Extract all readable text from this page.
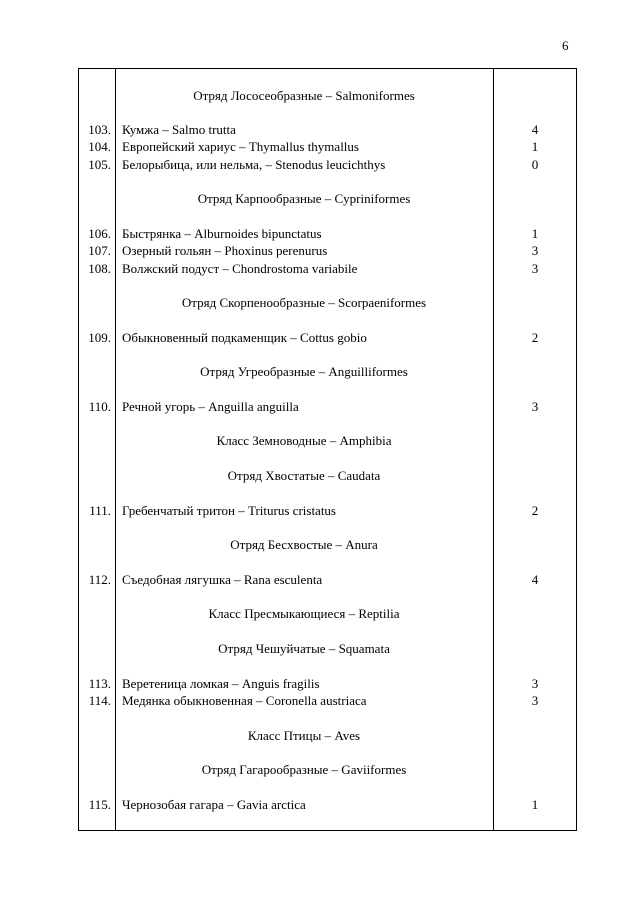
6
Отряд Лососеобразные – Salmoniformes
103. Кумжа – Salmo trutta	4
104. Европейский хариус – Thymallus thymallus	1
105. Белорыбица, или нельма, – Stenodus leucichthys	0
Отряд Карпообразные – Cypriniformes
106. Быстрянка – Alburnoides bipunctatus	1
107. Озерный гольян – Phoxinus perenurus	3
108. Волжский подуст – Chondrostoma variabile	3
Отряд Скорпенообразные – Scorpaeniformes
109. Обыкновенный подкаменщик – Cottus gobio	2
Отряд Угреобразные – Anguilliformes
110. Речной угорь – Anguilla anguilla	3
Класс Земноводные – Amphibia
Отряд Хвостатые – Caudata
111. Гребенчатый тритон – Triturus cristatus	2
Отряд Бесхвостые – Anura
112. Съедобная лягушка – Rana esculenta	4
Класс Пресмыкающиеся – Reptilia
Отряд Чешуйчатые – Squamata
113. Веретеница ломкая – Anguis fragilis	3
114. Медянка обыкновенная – Coronella austriaca	3
Класс Птицы – Aves
Отряд Гагарообразные – Gaviiformes
115. Чернозобая гагара – Gavia arctica	1
